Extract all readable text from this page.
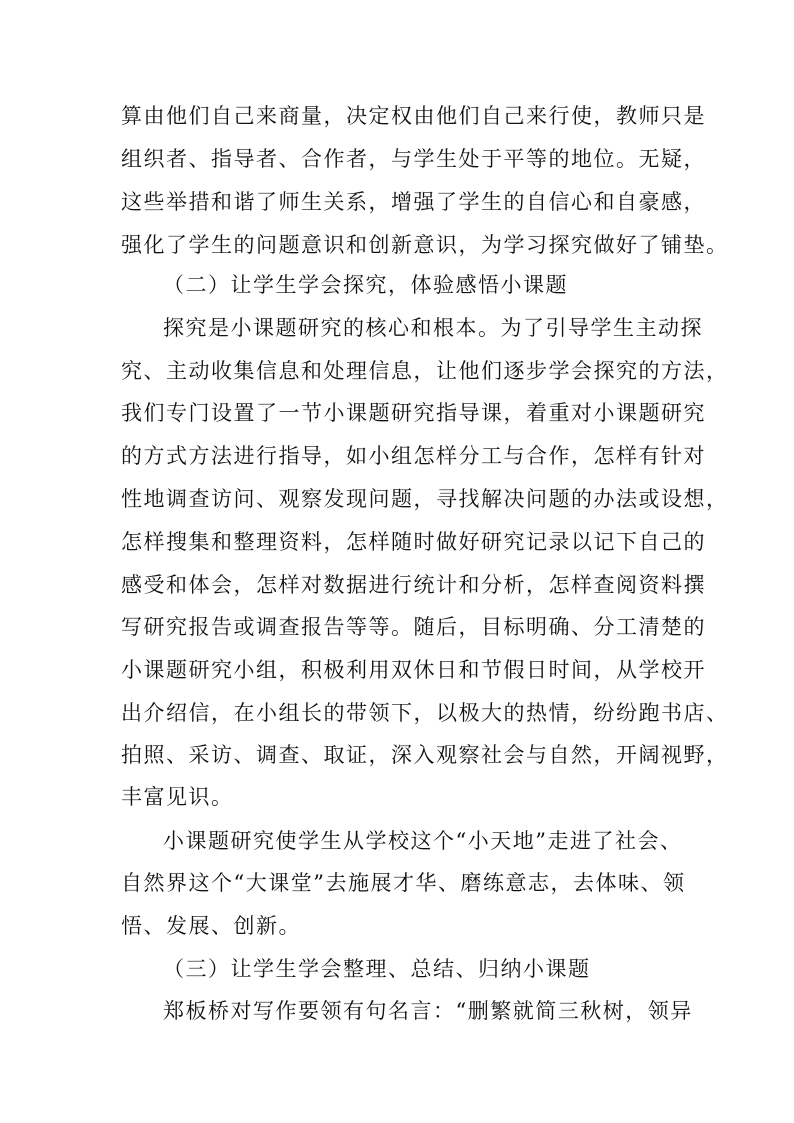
算由他们自己来商量，决定权由他们自己来行使，教师只是
组织者、指导者、合作者，与学生处于平等的地位。无疑，
这些举措和谐了师生关系，增强了学生的自信心和自豪感，
强化了学生的问题意识和创新意识，为学习探究做好了铺垫。
（二）让学生学会探究，体验感悟小课题
探究是小课题研究的核心和根本。为了引导学生主动探
究、主动收集信息和处理信息，让他们逐步学会探究的方法，
我们专门设置了一节小课题研究指导课，着重对小课题研究
的方式方法进行指导，如小组怎样分工与合作，怎样有针对
性地调查访问、观察发现问题，寻找解决问题的办法或设想，
怎样搜集和整理资料，怎样随时做好研究记录以记下自己的
感受和体会，怎样对数据进行统计和分析，怎样查阅资料撰
写研究报告或调查报告等等。随后，目标明确、分工清楚的
小课题研究小组，积极利用双休日和节假日时间，从学校开
出介绍信，在小组长的带领下，以极大的热情，纷纷跑书店、
拍照、采访、调查、取证，深入观察社会与自然，开阔视野，
丰富见识。
小课题研究使学生从学校这个“小天地”走进了社会、
自然界这个“大课堂”去施展才华、磨练意志，去体味、领
悟、发展、创新。
（三）让学生学会整理、总结、归纳小课题
郑板桥对写作要领有句名言：“删繁就简三秋树，领异
